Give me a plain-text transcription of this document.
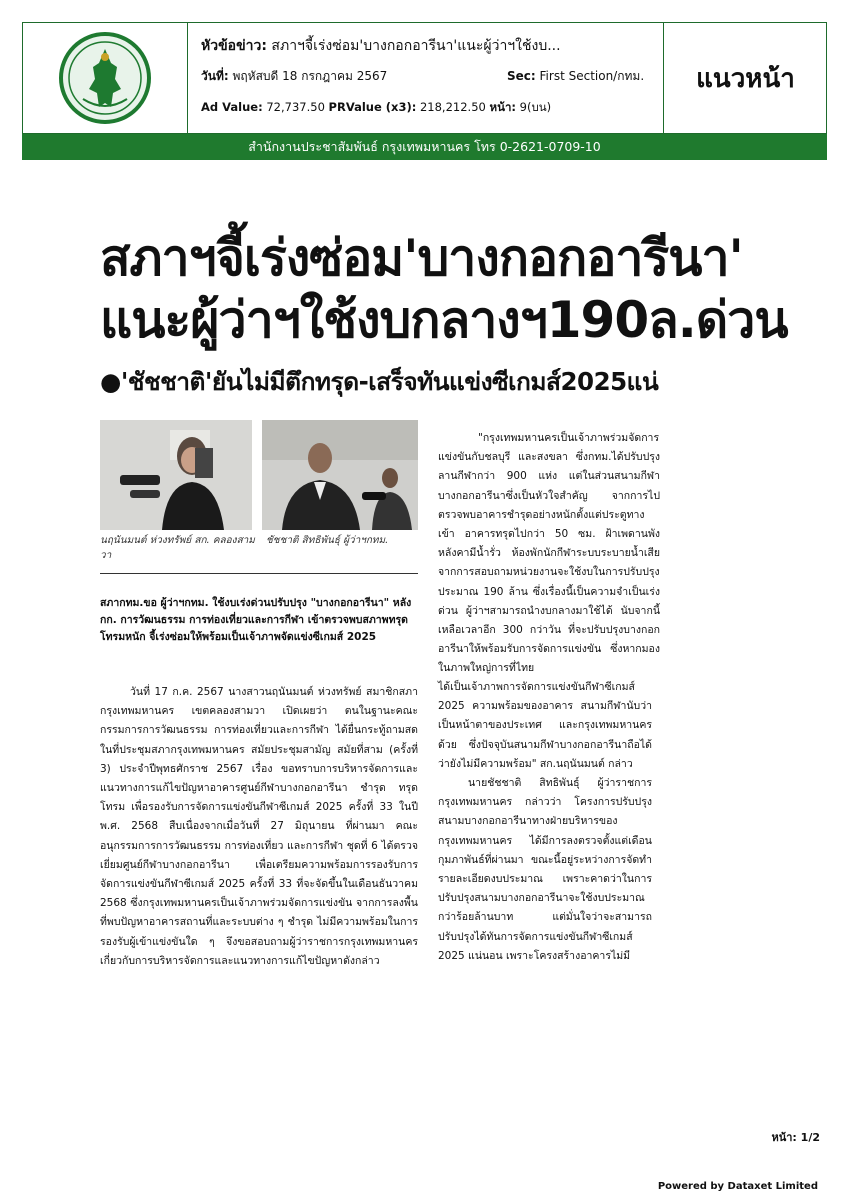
หัวข้อข่าว: สภาฯจี้เร่งซ่อม'บางกอกอารีนา'แนะผู้ว่าฯใช้งบ...
วันที่: พฤหัสบดี 18 กรกฎาคม 2567	Sec: First Section/กทม.
Ad Value: 72,737.50 PRValue (x3): 218,212.50 หน้า: 9(บน)
แนวหน้า
สำนักงานประชาสัมพันธ์ กรุงเทพมหานคร โทร 0-2621-0709-10
สภาฯจี้เร่งซ่อม'บางกอกอารีนา'
แนะผู้ว่าฯใช้งบกลางฯ190ล.ด่วน
●'ชัชชาติ'ยันไม่มีตึกทรุด-เสร็จทันแข่งซีเกมส์2025แน่
นฤนันมนต์ ห่วงทรัพย์ สก. คลองสามวา
ชัชชาติ สิทธิพันธุ์ ผู้ว่าฯกทม.
สภากทม.ขอ ผู้ว่าฯกทม. ใช้งบเร่งด่วนปรับปรุง "บางกอกอารีนา" หลังกก. การวัฒนธรรม การท่องเที่ยวและการกีฬา เข้าตรวจพบสภาพทรุดโทรมหนัก จี้เร่งซ่อมให้พร้อมเป็นเจ้าภาพจัดแข่งซีเกมส์ 2025

วันที่ 17 ก.ค. 2567 นางสาวนฤนันมนต์ ห่วงทรัพย์ สมาชิกสภากรุงเทพมหานคร เขตคลองสามวา เปิดเผยว่า ตนในฐานะคณะกรรมการการวัฒนธรรม การท่องเที่ยวและการกีฬา ได้ยื่นกระทู้ถามสด ในที่ประชุมสภากรุงเทพมหานคร สมัยประชุมสามัญ สมัยที่สาม (ครั้งที่ 3) ประจำปีพุทธศักราช 2567 เรื่อง ขอทราบการบริหารจัดการและแนวทางการแก้ไขปัญหาอาคารศูนย์กีฬาบางกอกอารีนา ชำรุด ทรุดโทรม เพื่อรองรับการจัดการแข่งขันกีฬาซีเกมส์ 2025 ครั้งที่ 33 ในปี พ.ศ. 2568 สืบเนื่องจากเมื่อวันที่ 27 มิถุนายน ที่ผ่านมา คณะอนุกรรมการการวัฒนธรรม การท่องเที่ยว และการกีฬา ชุดที่ 6 ได้ตรวจเยี่ยมศูนย์กีฬาบางกอกอารีนา เพื่อเตรียมความพร้อมการรองรับการจัดการแข่งขันกีฬาซีเกมส์ 2025 ครั้งที่ 33 ที่จะจัดขึ้นในเดือนธันวาคม 2568 ซึ่งกรุงเทพมหานครเป็นเจ้าภาพร่วมจัดการแข่งขัน จากการลงพื้นที่พบปัญหาอาคารสถานที่และระบบต่าง ๆ ชำรุด ไม่มีความพร้อมในการรองรับผู้เข้าแข่งขันใด ๆ จึงขอสอบถามผู้ว่าราชการกรุงเทพมหานครเกี่ยวกับการบริหารจัดการและแนวทางการแก้ไขปัญหาดังกล่าว

"กรุงเทพมหานครเป็นเจ้าภาพร่วมจัดการแข่งขันกับชลบุรี และสงขลา ซึ่งกทม.ได้ปรับปรุงลานกีฬากว่า 900 แห่ง แต่ในส่วนสนามกีฬาบางกอกอารีนาซึ่งเป็นหัวใจสำคัญ จากการไปตรวจพบอาคารชำรุดอย่างหนักตั้งแต่ประตูทางเข้า อาคารทรุดไปกว่า 50 ซม. ฝ้าเพดานพัง หลังคามีน้ำรั่ว ห้องพักนักกีฬาระบบระบายน้ำเสีย จากการสอบถามหน่วยงานจะใช้งบในการปรับปรุงประมาณ 190 ล้าน ซึ่งเรื่องนี้เป็นความจำเป็นเร่งด่วน ผู้ว่าฯสามารถนำงบกลางมาใช้ได้ นับจากนี้เหลือเวลาอีก 300 กว่าวัน ที่จะปรับปรุงบางกอกอารีนาให้พร้อมรับการจัดการแข่งขัน ซึ่งหากมองในภาพใหญ่การที่ไทย

ได้เป็นเจ้าภาพการจัดการแข่งขันกีฬาซีเกมส์ 2025 ความพร้อมของอาคาร สนามกีฬานับว่าเป็นหน้าตาของประเทศ และกรุงเทพมหานครด้วย ซึ่งปัจจุบันสนามกีฬาบางกอกอารีนาถือได้ว่ายังไม่มีความพร้อม" สก.นฤนันมนต์ กล่าว

นายชัชชาติ สิทธิพันธุ์ ผู้ว่าราชการกรุงเทพมหานคร กล่าวว่า โครงการปรับปรุงสนามบางกอกอารีนาทางฝ่ายบริหารของกรุงเทพมหานคร ได้มีการลงตรวจตั้งแต่เดือนกุมภาพันธ์ที่ผ่านมา ขณะนี้อยู่ระหว่างการจัดทำรายละเอียดงบประมาณ เพราะคาดว่าในการปรับปรุงสนามบางกอกอารีนาจะใช้งบประมาณกว่าร้อยล้านบาท แต่มั่นใจว่าจะสามารถปรับปรุงได้ทันการจัดการแข่งขันกีฬาซีเกมส์ 2025 แน่นอน เพราะโครงสร้างอาคารไม่มี

หน้า: 1/2
Powered by Dataxet Limited
